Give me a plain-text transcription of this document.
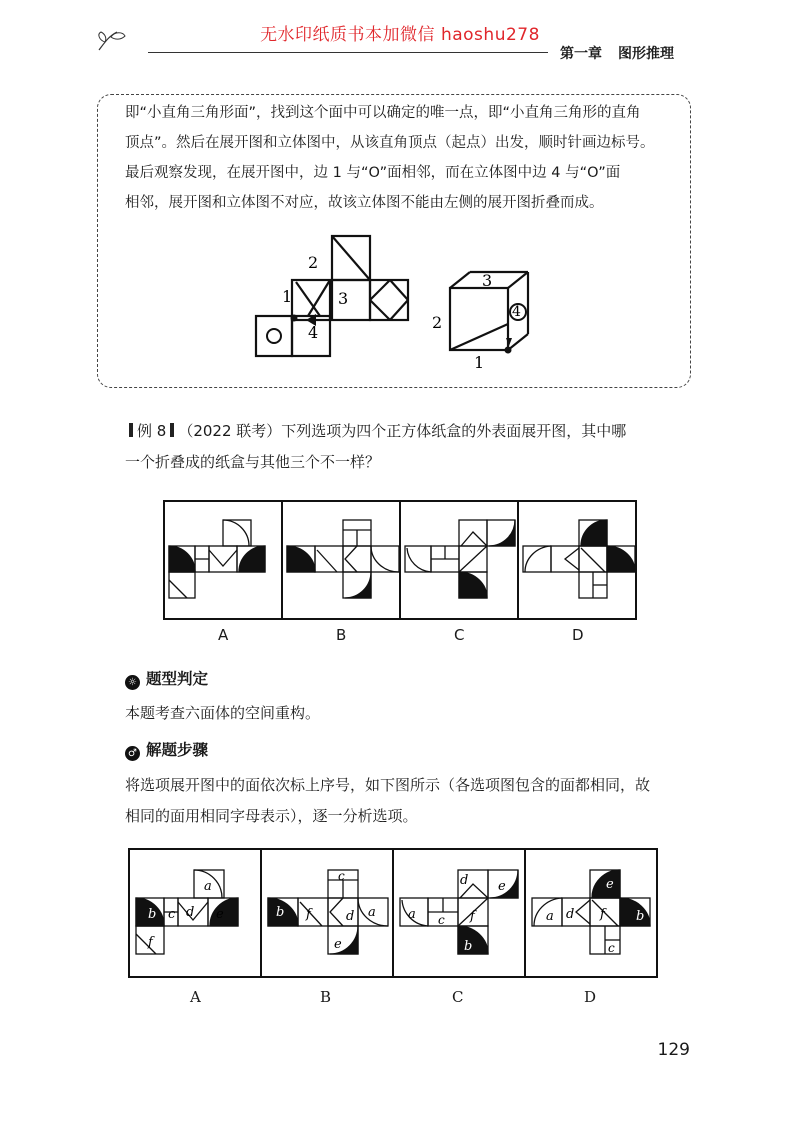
无水印纸质书本加微信 haoshu278
第一章 图形推理
即“小直角三角形面”，找到这个面中可以确定的唯一点，即“小直角三角形的直角
顶点”。然后在展开图和立体图中，从该直角顶点（起点）出发，顺时针画边标号。
最后观察发现，在展开图中，边 1 与“O”面相邻，而在立体图中边 4 与“O”面
相邻，展开图和立体图不对应，故该立体图不能由左侧的展开图折叠而成。
1
2
3
4
1
2
3
4
例 8 （2022 联考）下列选项为四个正方体纸盒的外表面展开图，其中哪
一个折叠成的纸盒与其他三个不一样？
A	B	C	D
☼ 题型判定
本题考查六面体的空间重构。
♂ 解题步骤
将选项展开图中的面依次标上序号，如下图所示（各选项图包含的面都相同，故
相同的面用相同字母表示），逐一分析选项。
b c d
a
e
f
c
b f	d a
e
d e
a c f
b
e
a d f b
c
A	B	C	D
129
